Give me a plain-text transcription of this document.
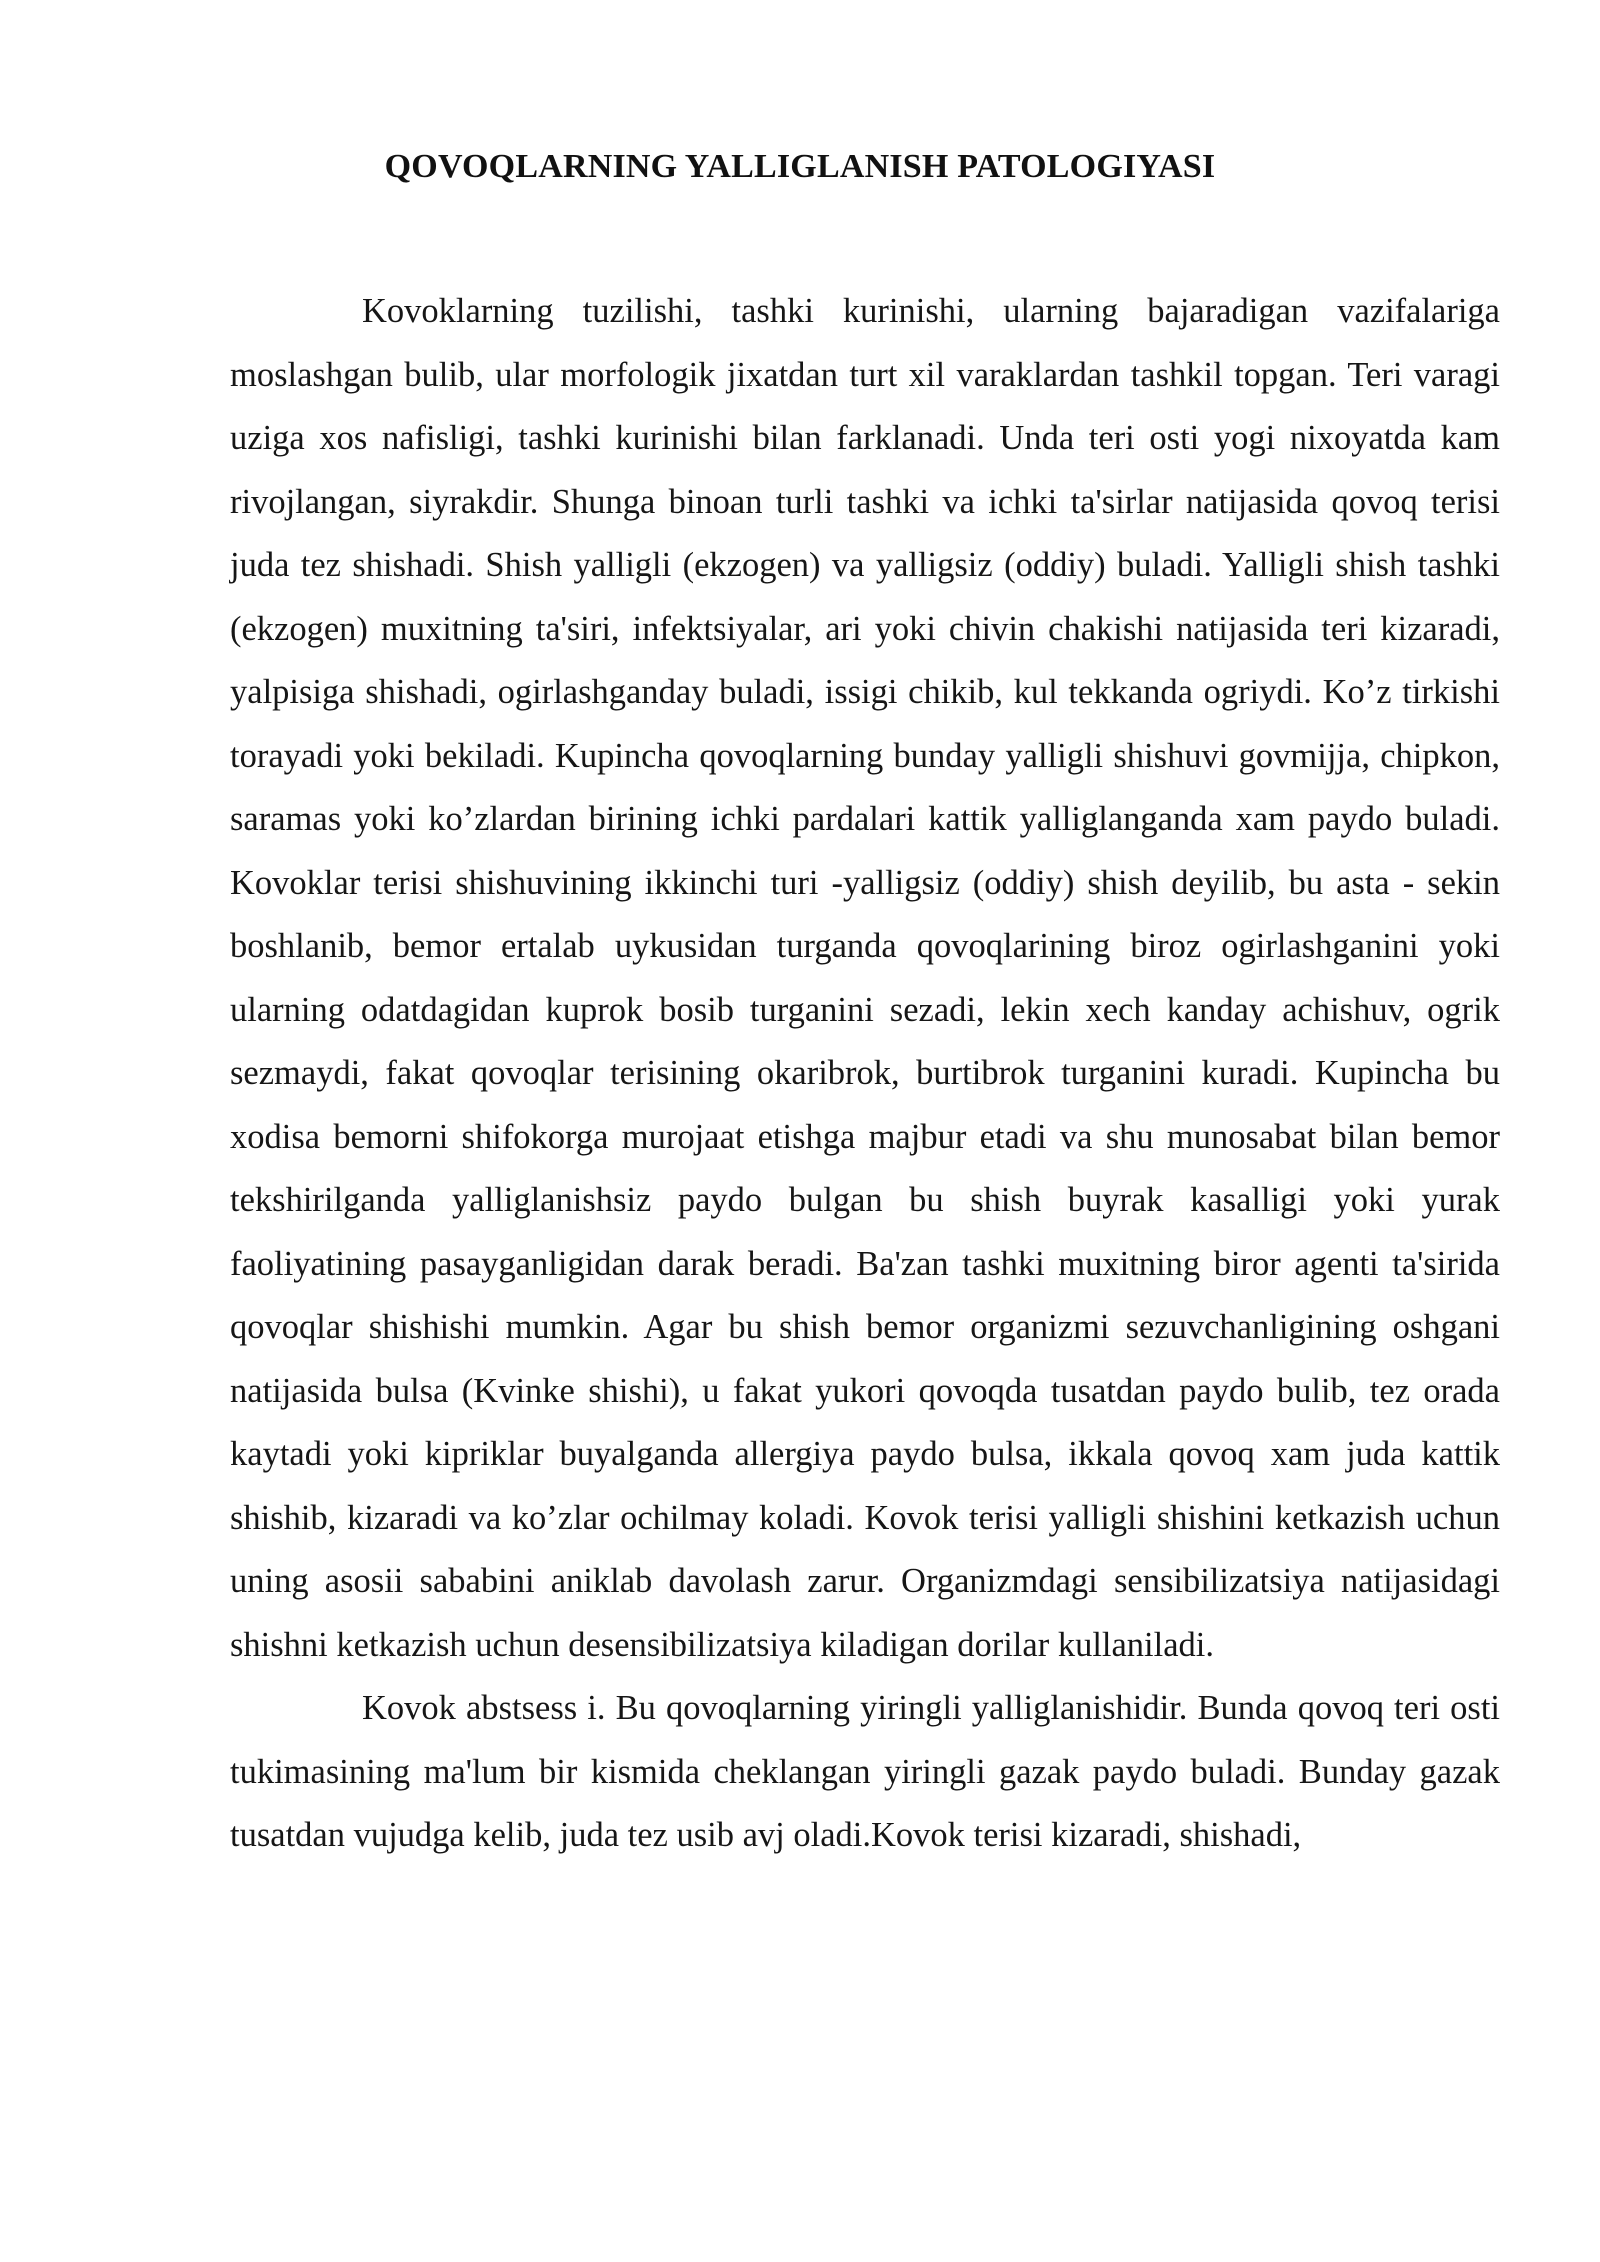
QOVOQLARNING YALLIGLANISH PATOLOGIYASI

Kovoklarning tuzilishi, tashki kurinishi, ularning bajaradigan vazifalariga moslashgan bulib, ular morfologik jixatdan turt xil varaklardan tashkil topgan. Teri varagi uziga xos nafisligi, tashki kurinishi bilan farklanadi. Unda teri osti yogi nixoyatda kam rivojlangan, siyrakdir. Shunga binoan turli tashki va ichki ta'sirlar natijasida qovoq terisi juda tez shishadi. Shish yalligli (ekzogen) va yalligsiz (oddiy) buladi. Yalligli shish tashki (ekzogen) muxitning ta'siri, infektsiyalar, ari yoki chivin chakishi natijasida teri kizaradi, yalpisiga shishadi, ogirlashganday buladi, issigi chikib, kul tekkanda ogriydi. Ko’z tirkishi torayadi yoki bekiladi. Kupincha qovoqlarning bunday yalligli shishuvi govmijja, chipkon, saramas yoki ko’zlardan birining ichki pardalari kattik yalliglanganda xam paydo buladi. Kovoklar terisi shishuvining ikkinchi turi -yalligsiz (oddiy) shish deyilib, bu asta - sekin boshlanib, bemor ertalab uykusidan turganda qovoqlarining biroz ogirlashganini yoki ularning odatdagidan kuprok bosib turganini sezadi, lekin xech kanday achishuv, ogrik sezmaydi, fakat qovoqlar terisining okaribrok, burtibrok turganini kuradi. Kupincha bu xodisa bemorni shifokorga murojaat etishga majbur etadi va shu munosabat bilan bemor tekshirilganda yalliglanishsiz paydo bulgan bu shish buyrak kasalligi yoki yurak faoliyatining pasayganligidan darak beradi. Ba'zan tashki muxitning biror agenti ta'sirida qovoqlar shishishi mumkin. Agar bu shish bemor organizmi sezuvchanligining oshgani natijasida bulsa (Kvinke shishi), u fakat yukori qovoqda tusatdan paydo bulib, tez orada kaytadi yoki kipriklar buyalganda allergiya paydo bulsa, ikkala qovoq xam juda kattik shishib, kizaradi va ko’zlar ochilmay koladi. Kovok terisi yalligli shishini ketkazish uchun uning asosii sababini aniklab davolash zarur. Organizmdagi sensibilizatsiya natijasidagi shishni ketkazish uchun desensibilizatsiya kiladigan dorilar kullaniladi.

Kovok abstsess i. Bu qovoqlarning yiringli yalliglanishidir. Bunda qovoq teri osti tukimasining ma'lum bir kismida cheklangan yiringli gazak paydo buladi. Bunday gazak tusatdan vujudga kelib, juda tez usib avj oladi.Kovok terisi kizaradi, shishadi,
